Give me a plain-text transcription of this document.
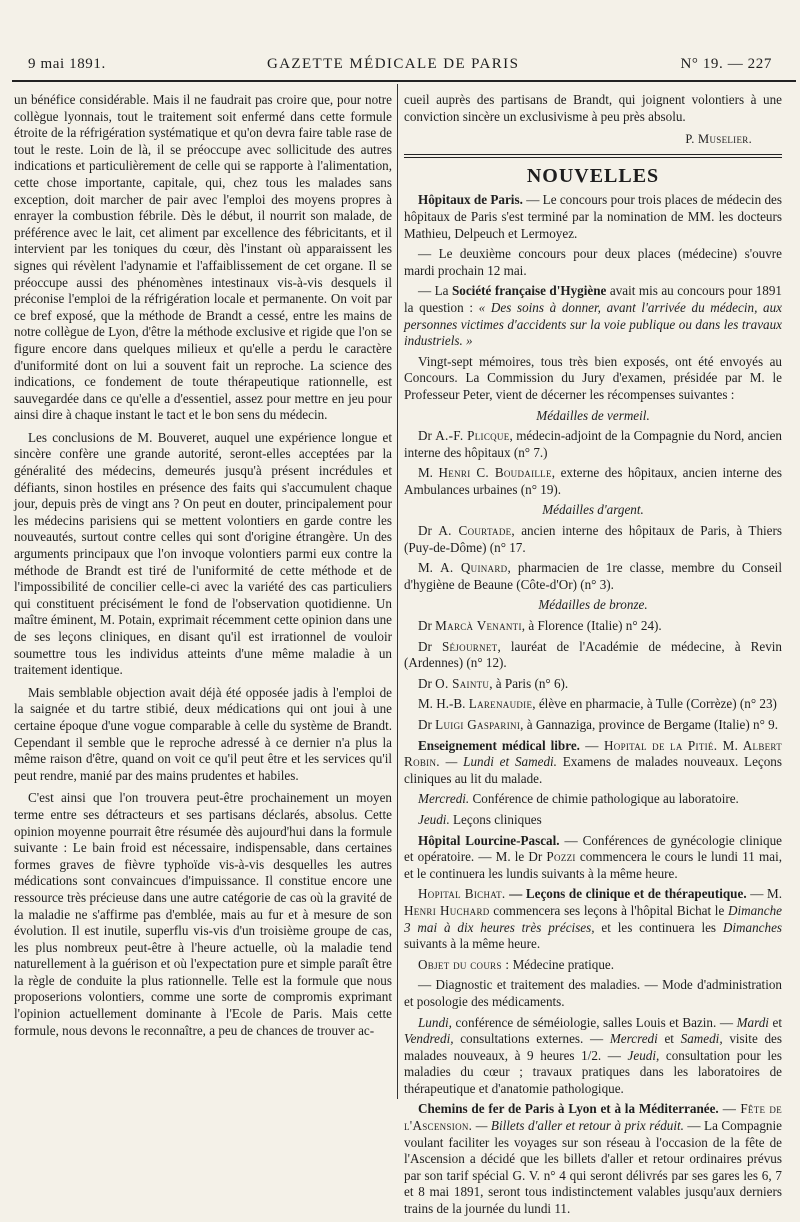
9 mai 1891.	GAZETTE MÉDICALE DE PARIS	N° 19. — 227

un bénéfice considérable. Mais il ne faudrait pas croire que, pour notre collègue lyonnais, tout le traitement soit enfermé dans cette formule étroite de la réfrigération systématique et qu'on devra faire table rase de tout le reste. Loin de là, il se préoccupe avec sollicitude des autres indications et particulièrement de celle qui se rapporte à l'alimentation, cette chose importante, capitale, qui, chez tous les malades sans exception, doit marcher de pair avec l'emploi des moyens propres à enrayer la combustion fébrile. Dès le début, il nourrit son malade, de préférence avec le lait, cet aliment par excellence des fébricitants, et il intervient par les toniques du cœur, dès l'instant où apparaissent les signes qui révèlent l'adynamie et l'affaiblissement de cet organe. Il se préoccupe aussi des phénomènes intestinaux vis-à-vis desquels il préconise l'emploi de la réfrigération locale et permanente. On voit par ce bref exposé, que la méthode de Brandt a cessé, entre les mains de notre collègue de Lyon, d'être la méthode exclusive et rigide que l'on se figure encore dans quelques milieux et qu'elle a perdu le caractère d'uniformité dont on lui a souvent fait un reproche. La science des indications, ce fondement de toute thérapeutique rationnelle, est sauvegardée dans ce qu'elle a d'essentiel, assez pour mettre en jeu pour ainsi dire à chaque instant le tact et le bon sens du médecin.

Les conclusions de M. Bouveret, auquel une expérience longue et sincère confère une grande autorité, seront-elles acceptées par la généralité des médecins, demeurés jusqu'à présent incrédules et défiants, sinon hostiles en présence des faits qui s'accumulent chaque jour, depuis près de vingt ans ? On peut en douter, principalement pour les médecins parisiens qui se mettent volontiers en garde contre les nouveautés, surtout contre celles qui sont d'origine étrangère. Un des arguments principaux que l'on invoque volontiers parmi eux contre la méthode de Brandt est tiré de l'uniformité de cette méthode et de l'impossibilité de concilier celle-ci avec la variété des cas particuliers qui constituent précisément le fond de l'observation quotidienne. Un maître éminent, M. Potain, exprimait récemment cette opinion dans une de ses leçons cliniques, en disant qu'il est irrationnel de vouloir soumettre tous les individus atteints d'une même maladie à un traitement identique.

Mais semblable objection avait déjà été opposée jadis à l'emploi de la saignée et du tartre stibié, deux médications qui ont joui à une certaine époque d'une vogue comparable à celle du système de Brandt. Cependant il semble que le reproche adressé à ce dernier n'a plus la même raison d'être, quand on voit ce qu'il peut être et les services qu'il peut rendre, manié par des mains prudentes et habiles.

C'est ainsi que l'on trouvera peut-être prochainement un moyen terme entre ses détracteurs et ses partisans déclarés, absolus. Cette opinion moyenne pourrait être résumée dès aujourd'hui dans la formule suivante : Le bain froid est nécessaire, indispensable, dans certaines formes graves de fièvre typhoïde vis-à-vis desquelles les autres médications sont convaincues d'impuissance. Il constitue encore une ressource très précieuse dans une autre catégorie de cas où la gravité de la maladie ne s'affirme pas d'emblée, mais au fur et à mesure de son évolution. Il est inutile, superflu vis-vis d'un troisième groupe de cas, les plus nombreux peut-être à l'heure actuelle, où la maladie tend naturellement à la guérison et où l'expectation pure et simple paraît être la règle de conduite la plus rationnelle. Telle est la formule que nous proposerions volontiers, comme une sorte de compromis exprimant l'opinion actuellement dominante à l'Ecole de Paris. Mais cette formule, nous devons le reconnaître, a peu de chances de trouver ac-

cueil auprès des partisans de Brandt, qui joignent volontiers à une conviction sincère un exclusivisme à peu près absolu.

P. Muselier.
NOUVELLES

Hôpitaux de Paris. — Le concours pour trois places de médecin des hôpitaux de Paris s'est terminé par la nomination de MM. les docteurs Mathieu, Delpeuch et Lermoyez.

— Le deuxième concours pour deux places (médecine) s'ouvre mardi prochain 12 mai.

— La Société française d'Hygiène avait mis au concours pour 1891 la question : « Des soins à donner, avant l'arrivée du médecin, aux personnes victimes d'accidents sur la voie publique ou dans les travaux industriels. »

Vingt-sept mémoires, tous très bien exposés, ont été envoyés au Concours. La Commission du Jury d'examen, présidée par M. le Professeur Peter, vient de décerner les récompenses suivantes :

Médailles de vermeil.

Dr A.-F. Plicque, médecin-adjoint de la Compagnie du Nord, ancien interne des hôpitaux (n° 7.)

M. Henri C. Boudaille, externe des hôpitaux, ancien interne des Ambulances urbaines (n° 19).

Médailles d'argent.

Dr A. Courtade, ancien interne des hôpitaux de Paris, à Thiers (Puy-de-Dôme) (n° 17.

M. A. Quinard, pharmacien de 1re classe, membre du Conseil d'hygiène de Beaune (Côte-d'Or) (n° 3).

Médailles de bronze.

Dr Marcà Venanti, à Florence (Italie) n° 24).

Dr Séjournet, lauréat de l'Académie de médecine, à Revin (Ardennes) (n° 12).

Dr O. Saintu, à Paris (n° 6).

M. H.-B. Larenaudie, élève en pharmacie, à Tulle (Corrèze) (n° 23)

Dr Luigi Gasparini, à Gannaziga, province de Bergame (Italie) n° 9.

Enseignement médical libre. — Hopital de la Pitié. M. Albert Robin. — Lundi et Samedi. Examens de malades nouveaux. Leçons cliniques au lit du malade.

Mercredi. Conférence de chimie pathologique au laboratoire.

Jeudi. Leçons cliniques

Hôpital Lourcine-Pascal. — Conférences de gynécologie clinique et opératoire. — M. le Dr Pozzi commencera le cours le lundi 11 mai, et le continuera les lundis suivants à la même heure.

Hopital Bichat. — Leçons de clinique et de thérapeutique. — M. Henri Huchard commencera ses leçons à l'hôpital Bichat le Dimanche 3 mai à dix heures très précises, et les continuera les Dimanches suivants à la même heure.

Objet du cours : Médecine pratique.

— Diagnostic et traitement des maladies. — Mode d'administration et posologie des médicaments.

Lundi, conférence de séméiologie, salles Louis et Bazin. — Mardi et Vendredi, consultations externes. — Mercredi et Samedi, visite des malades nouveaux, à 9 heures 1/2. — Jeudi, consultation pour les maladies du cœur ; travaux pratiques dans les laboratoires de thérapeutique et d'anatomie pathologique.

Chemins de fer de Paris à Lyon et à la Méditerranée. — Fête de l'Ascension. — Billets d'aller et retour à prix réduit. — La Compagnie voulant faciliter les voyages sur son réseau à l'occasion de la fête de l'Ascension a décidé que les billets d'aller et retour ordinaires prévus par son tarif spécial G. V. n° 4 qui seront délivrés par ses gares les 6, 7 et 8 mai 1891, seront tous indistinctement valables jusqu'aux derniers trains de la journée du lundi 11.
